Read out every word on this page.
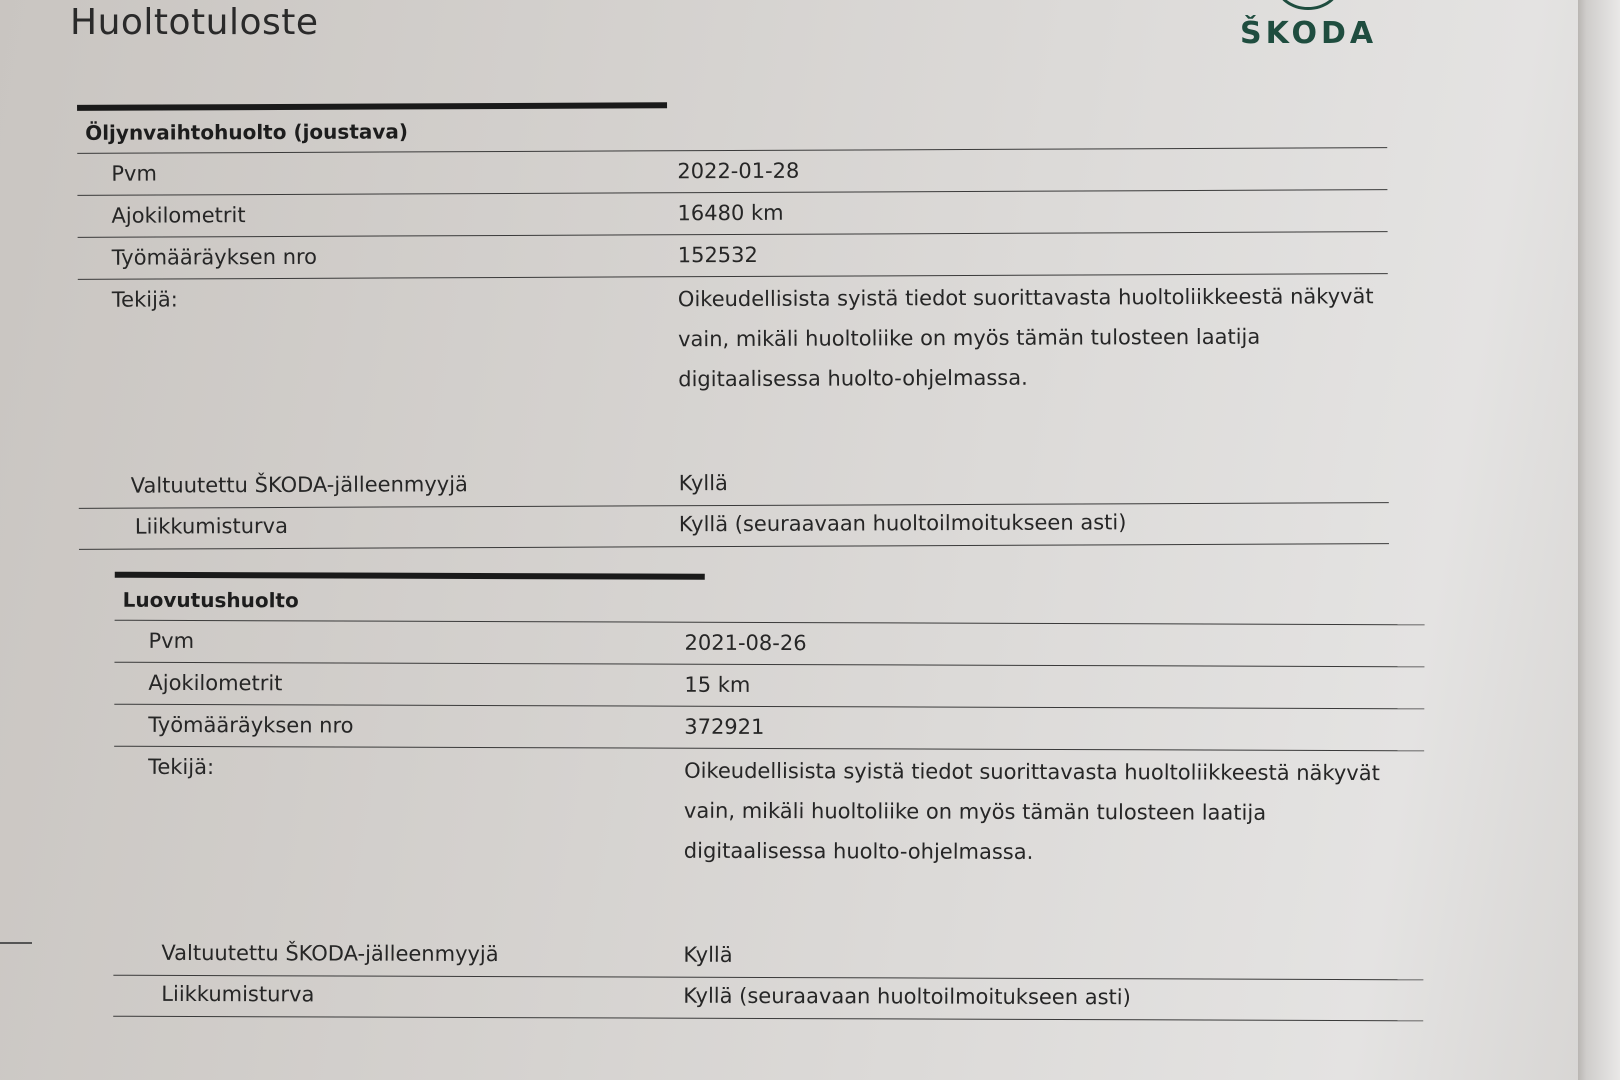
Huoltotuloste	ŠKODA
Öljynvaihtohuolto (joustava)
Pvm	2022-01-28
Ajokilometrit	16480 km
Työmääräyksen nro	152532
Tekijä:	Oikeudellisista syistä tiedot suorittavasta huoltoliikkeestä näkyvät vain, mikäli huoltoliike on myös tämän tulosteen laatija digitaalisessa huolto-ohjelmassa.
Valtuutettu ŠKODA-jälleenmyyjä	Kyllä
Liikkumisturva	Kyllä (seuraavaan huoltoilmoitukseen asti)
Luovutushuolto
Pvm	2021-08-26
Ajokilometrit	15 km
Työmääräyksen nro	372921
Tekijä:	Oikeudellisista syistä tiedot suorittavasta huoltoliikkeestä näkyvät vain, mikäli huoltoliike on myös tämän tulosteen laatija digitaalisessa huolto-ohjelmassa.
Valtuutettu ŠKODA-jälleenmyyjä	Kyllä
Liikkumisturva	Kyllä (seuraavaan huoltoilmoitukseen asti)
